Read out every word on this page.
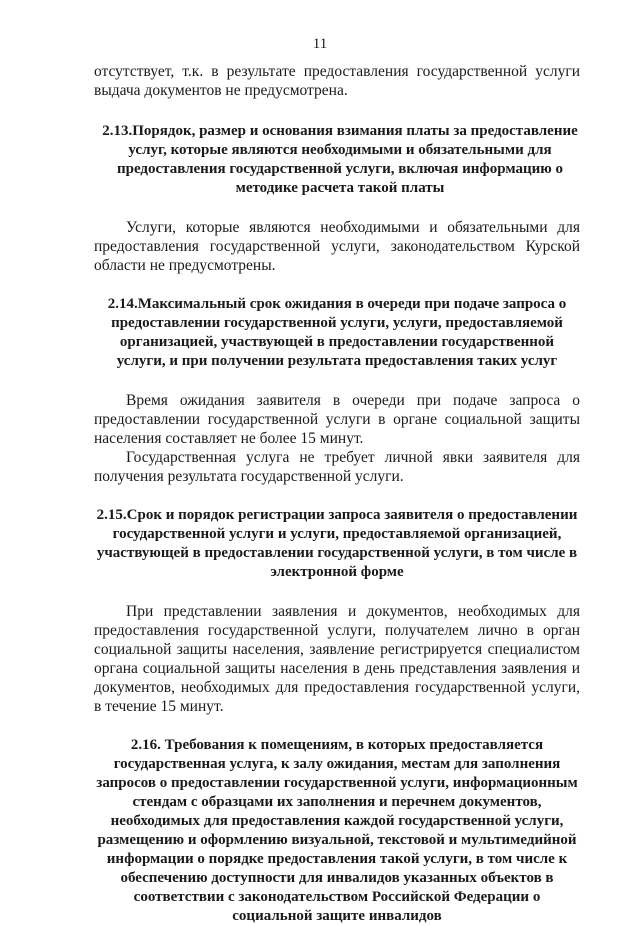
11

отсутствует, т.к. в результате предоставления государственной услуги выдача документов не предусмотрена.

2.13.Порядок, размер и основания взимания платы за предоставление услуг, которые являются необходимыми и обязательными для предоставления государственной услуги, включая информацию о методике расчета такой платы

Услуги, которые являются необходимыми и обязательными для предоставления государственной услуги, законодательством Курской области не предусмотрены.

2.14.Максимальный срок ожидания в очереди при подаче запроса о предоставлении государственной услуги, услуги, предоставляемой организацией, участвующей в предоставлении государственной услуги, и при получении результата предоставления таких услуг

Время ожидания заявителя в очереди при подаче запроса о предоставлении государственной услуги в органе социальной защиты населения составляет не более 15 минут.

Государственная услуга не требует личной явки заявителя для получения результата государственной услуги.

2.15.Срок и порядок регистрации запроса заявителя о предоставлении государственной услуги и услуги, предоставляемой организацией, участвующей в предоставлении государственной услуги, в том числе в электронной форме

При представлении заявления и документов, необходимых для предоставления государственной услуги, получателем лично в орган социальной защиты населения, заявление регистрируется специалистом органа социальной защиты населения в день представления заявления и документов, необходимых для предоставления государственной услуги, в течение 15 минут.

2.16. Требования к помещениям, в которых предоставляется государственная услуга, к залу ожидания, местам для заполнения запросов о предоставлении государственной услуги, информационным стендам с образцами их заполнения и перечнем документов, необходимых для предоставления каждой государственной услуги, размещению и оформлению визуальной, текстовой и мультимедийной информации о порядке предоставления такой услуги, в том числе к обеспечению доступности для инвалидов указанных объектов в соответствии с законодательством Российской Федерации о социальной защите инвалидов
